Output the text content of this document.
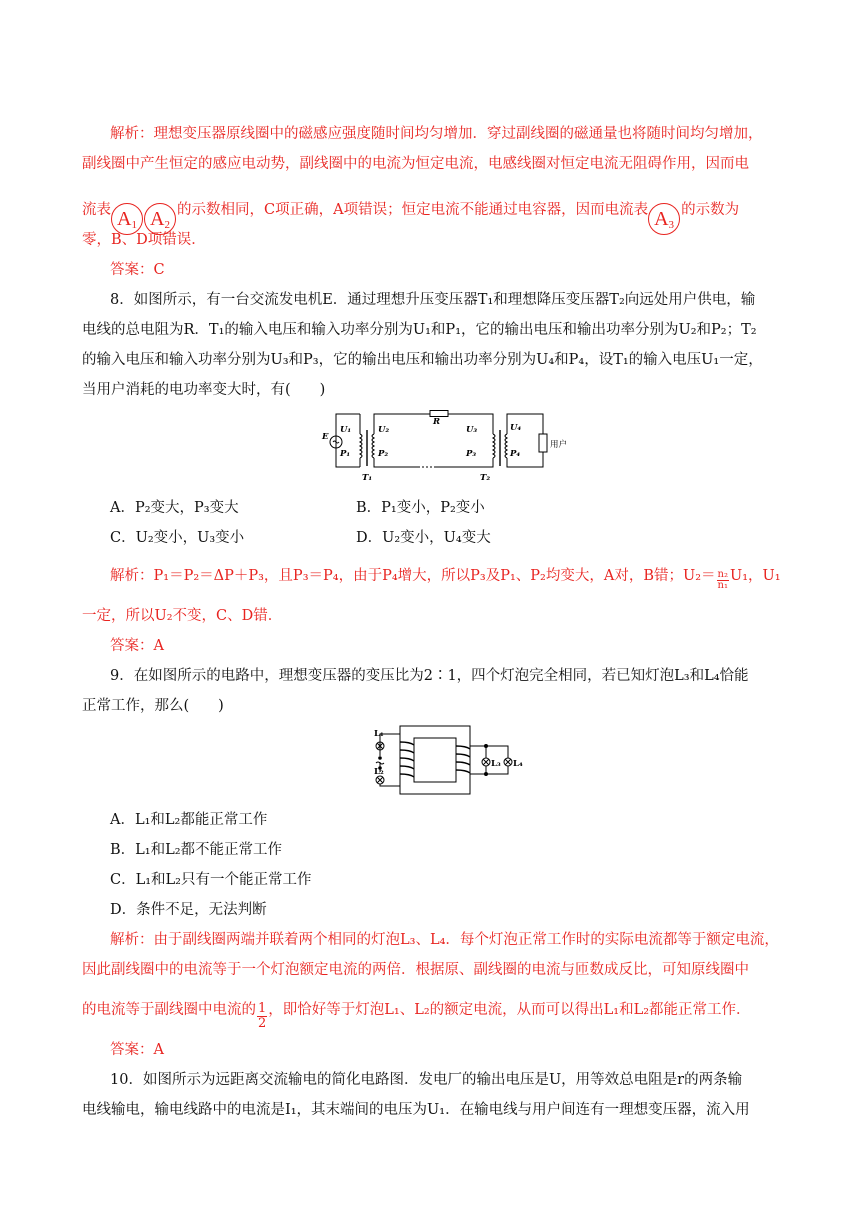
解析：理想变压器原线圈中的磁感应强度随时间均匀增加．穿过副线圈的磁通量也将随时间均匀增加，
副线圈中产生恒定的感应电动势，副线圈中的电流为恒定电流，电感线圈对恒定电流无阻碍作用，因而电
流表 $A_1$ $A_2$的示数相同，C项正确，A项错误；恒定电流不能通过电容器，因而电流表 $A_3$的示数为
零，B、D项错误．
答案：C
8．如图所示，有一台交流发电机E．通过理想升压变压器T₁和理想降压变压器T₂向远处用户供电，输
电线的总电阻为R．T₁的输入电压和输入功率分别为U₁和P₁，它的输出电压和输出功率分别为U₂和P₂；T₂
的输入电压和输入功率分别为U₃和P₃，它的输出电压和输出功率分别为U₄和P₄，设T₁的输入电压U₁一定，
当用户消耗的电功率变大时，有(　　)
E
R
U₁
P₁
U₂
P₂
U₃
P₃
U₄
P₄
T₁	T₂
用户
A．P₂变大，P₃变大	B．P₁变小，P₂变小
C．U₂变小，U₃变小	D．U₂变小，U₄变大
解析：P₁＝P₂＝ΔP＋P₃，且P₃＝P₄，由于P₄增大，所以P₃及P₁、P₂均变大，A对，B错；$U_2= \frac{\text{n₂}}{\text{n₁}} U_1$，U₁
一定，所以U₂不变，C、D错．
答案：A
9．在如图所示的电路中，理想变压器的变压比为2∶1，四个灯泡完全相同，若已知灯泡L₃和L₄恰能
正常工作，那么(　　)
L₁
L₂
L₃ L₄
A．L₁和L₂都能正常工作
B．L₁和L₂都不能正常工作
C．L₁和L₂只有一个能正常工作
D．条件不足，无法判断
解析：由于副线圈两端并联着两个相同的灯泡L₃、L₄．每个灯泡正常工作时的实际电流都等于额定电流，
因此副线圈中的电流等于一个灯泡额定电流的两倍．根据原、副线圈的电流与匝数成反比，可知原线圈中
的电流等于副线圈中电流的 $\frac{1}{2}$ ，即恰好等于灯泡L₁、L₂的额定电流，从而可以得出L₁和L₂都能正常工作．
答案：A
10．如图所示为远距离交流输电的简化电路图．发电厂的输出电压是U，用等效总电阻是r的两条输
电线输电，输电线路中的电流是I₁，其末端间的电压为U₁．在输电线与用户间连有一理想变压器，流入用
